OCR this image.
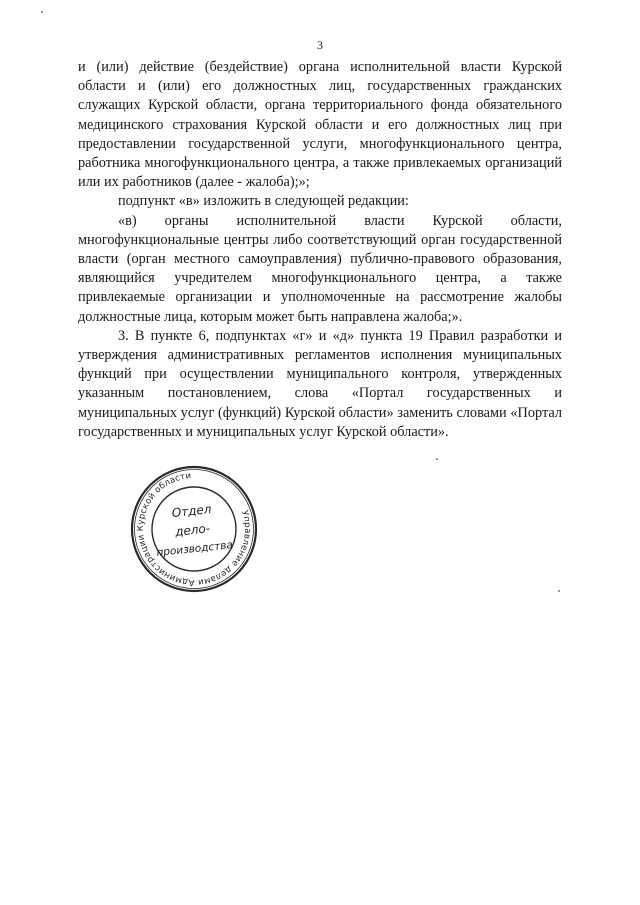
3

и (или) действие (бездействие) органа исполнительной власти Курской области и (или) его должностных лиц, государственных гражданских служащих Курской области, органа территориального фонда обязательного медицинского страхования Курской области и его должностных лиц при предоставлении государственной услуги, многофункционального центра, работника многофункционального центра, а также привлекаемых организаций или их работников (далее - жалоба);»;

подпункт «в» изложить в следующей редакции:

«в) органы исполнительной власти Курской области, многофункциональные центры либо соответствующий орган государственной власти (орган местного самоуправления) публично-правового образования, являющийся учредителем многофункционального центра, а также привлекаемые организации и уполномоченные на рассмотрение жалобы должностные лица, которым может быть направлена жалоба;».

3. В пункте 6, подпунктах «г» и «д» пункта 19 Правил разработки и утверждения административных регламентов исполнения муниципальных функций при осуществлении муниципального контроля, утвержденных указанным постановлением, слова «Портал государственных и муниципальных услуг (функций) Курской области» заменить словами «Портал государственных и муниципальных услуг Курской области».

Управление делами Администрации Курской области
Отдел
дело-
производства
